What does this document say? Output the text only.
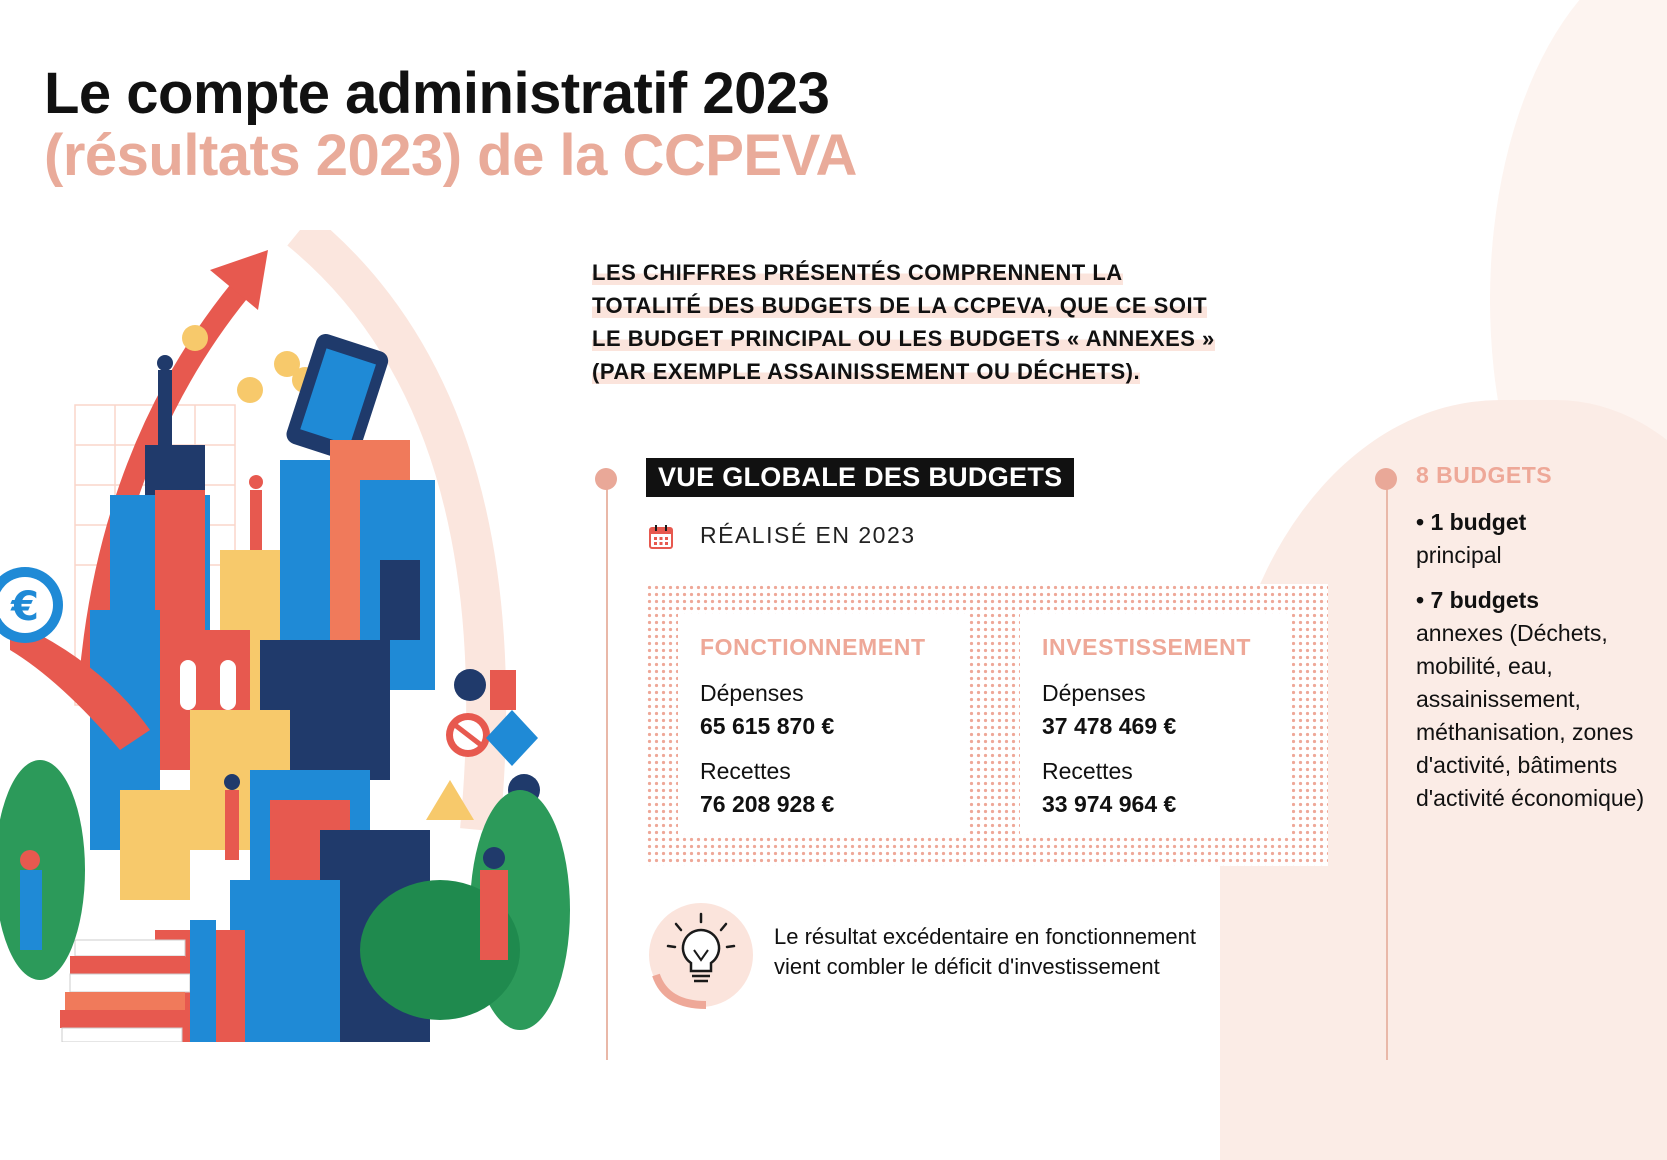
Le compte administratif 2023
(résultats 2023) de la CCPEVA
€
LES CHIFFRES PRÉSENTÉS COMPRENNENT LA
TOTALITÉ DES BUDGETS DE LA CCPEVA, QUE CE SOIT
LE BUDGET PRINCIPAL OU LES BUDGETS « ANNEXES »
(PAR EXEMPLE ASSAINISSEMENT OU DÉCHETS).
VUE GLOBALE DES BUDGETS
RÉALISÉ EN 2023
FONCTIONNEMENT
Dépenses
65 615 870 €
Recettes
76 208 928 €
INVESTISSEMENT
Dépenses
37 478 469 €
Recettes
33 974 964 €
Le résultat excédentaire en fonctionnement
vient combler le déficit d'investissement
8 BUDGETS
• 1 budget
principal
• 7 budgets
annexes (Déchets, mobilité, eau, assainissement, méthanisation, zones d'activité, bâtiments d'activité économique)
